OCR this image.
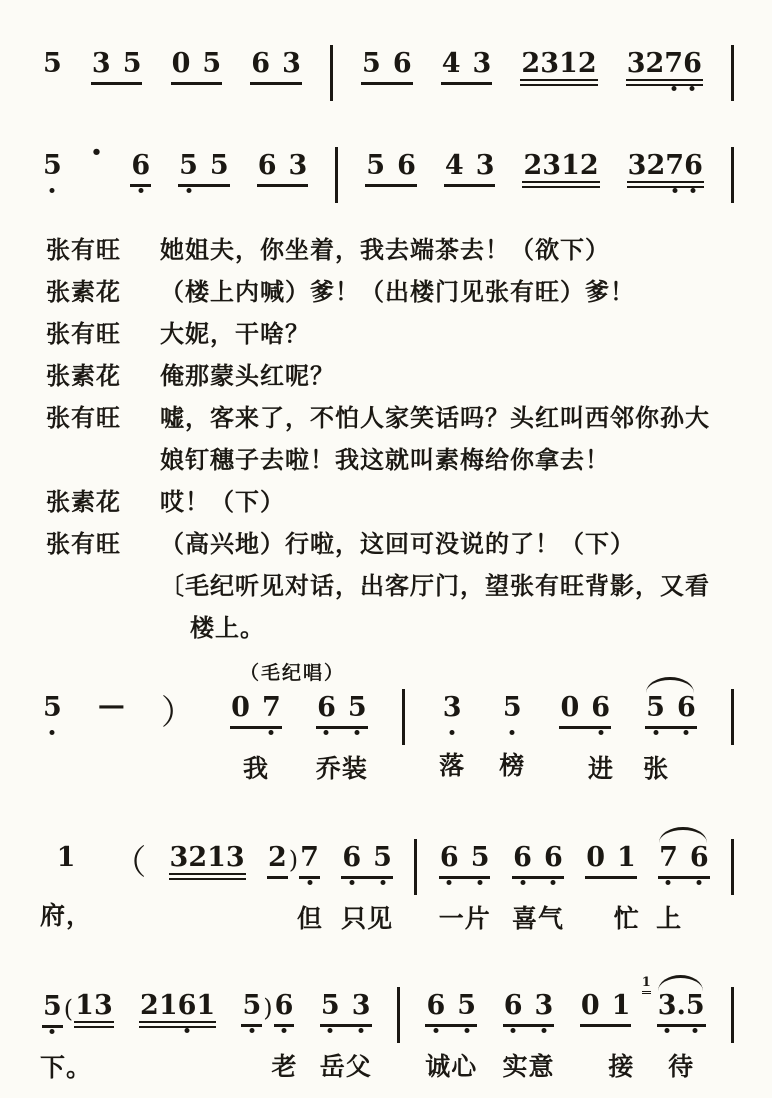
5 3 5 0 5 6 3 5 6 4 3 2 3 1 2 3 2 7 6
5 • 6 5 5 6 3 5 6 4 3 2 3 1 2 3 2 7 6
张有旺	她姐夫，你坐着，我去端茶去！（欲下）
张素花	（楼上内喊）爹！（出楼门见张有旺）爹！
张有旺	大妮，干啥？
张素花	俺那蒙头红呢？
张有旺	嘘，客来了，不怕人家笑话吗？头红叫西邻你孙大
娘钉穗子去啦！我这就叫素梅给你拿去！
张素花	哎！（下）
张有旺	（高兴地）行啦，这回可没说的了！（下）
〔毛纪听见对话，出客厅门，望张有旺背影，又看
楼上。
（毛纪唱）
5 — ） 0 7
我
6 5
乔装
3
落
5
榜
0 6
进
5 6
张
1
府，
（ 3 2 1 3 2 ) 7
但
6 5
只见
6 5
一片
6 6
喜气
0 1
忙
7 6
上
5 ( 1 3
下。
2 1 6 1 5 ) 6
老
5 3
岳父
6 5
诚心
6 3
实意
0 1
接
1
3 . 5
待
